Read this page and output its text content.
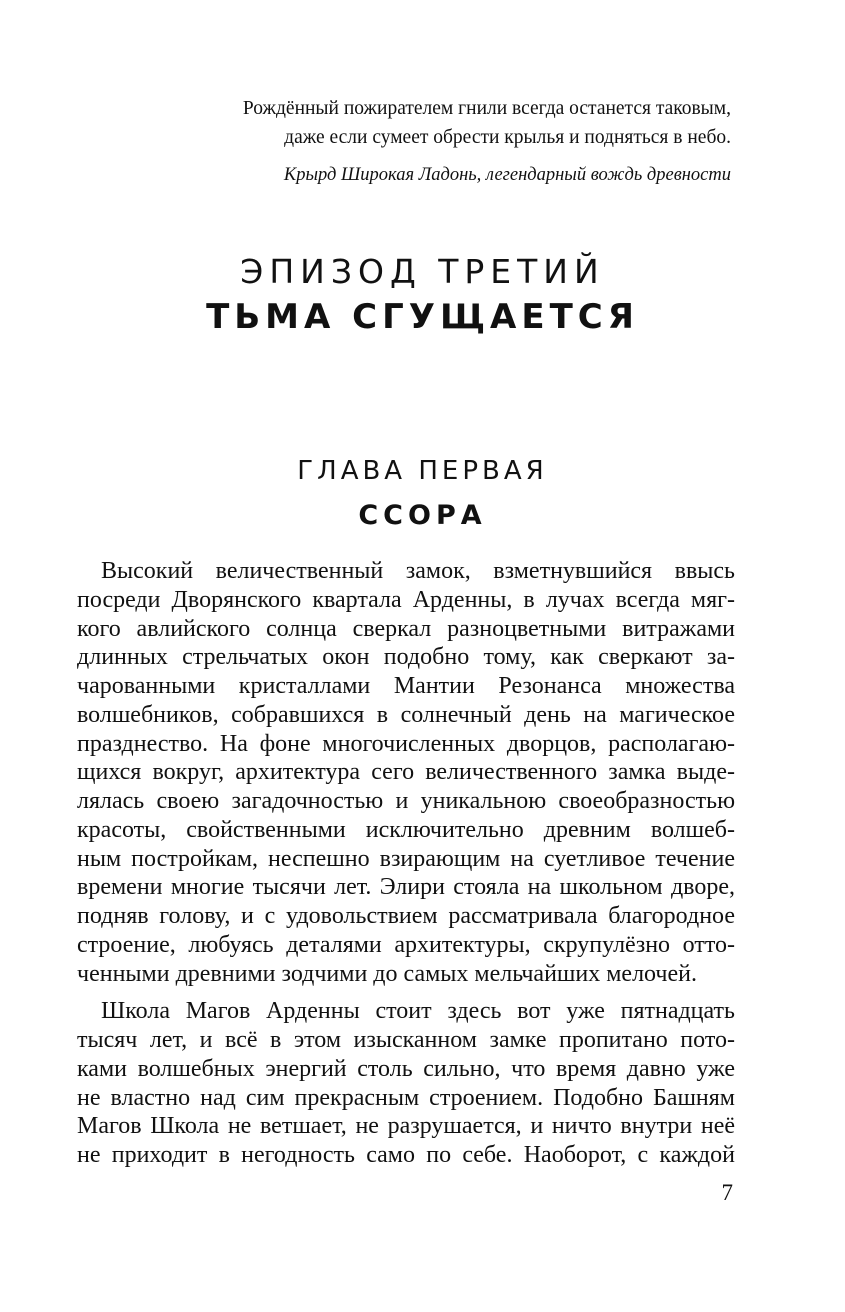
Рождённый пожирателем гнили всегда останется таковым,
даже если сумеет обрести крылья и подняться в небо.
Крырд Широкая Ладонь, легендарный вождь древности
ЭПИЗОД ТРЕТИЙ
ТЬМА СГУЩАЕТСЯ
ГЛАВА ПЕРВАЯ
ССОРА
Высокий величественный замок, взметнувшийся ввысь
посреди Дворянского квартала Арденны, в лучах всегда мяг-
кого авлийского солнца сверкал разноцветными витражами
длинных стрельчатых окон подобно тому, как сверкают за-
чарованными кристаллами Мантии Резонанса множества
волшебников, собравшихся в солнечный день на магическое
празднество. На фоне многочисленных дворцов, располагаю-
щихся вокруг, архитектура сего величественного замка выде-
лялась своею загадочностью и уникальною своеобразностью
красоты, свойственными исключительно древним волшеб-
ным постройкам, неспешно взирающим на суетливое течение
времени многие тысячи лет. Элири стояла на школьном дворе,
подняв голову, и с удовольствием рассматривала благородное
строение, любуясь деталями архитектуры, скрупулёзно отто-
ченными древними зодчими до самых мельчайших мелочей.
Школа Магов Арденны стоит здесь вот уже пятнадцать
тысяч лет, и всё в этом изысканном замке пропитано пото-
ками волшебных энергий столь сильно, что время давно уже
не властно над сим прекрасным строением. Подобно Башням
Магов Школа не ветшает, не разрушается, и ничто внутри неё
не приходит в негодность само по себе. Наоборот, с каждой
7
